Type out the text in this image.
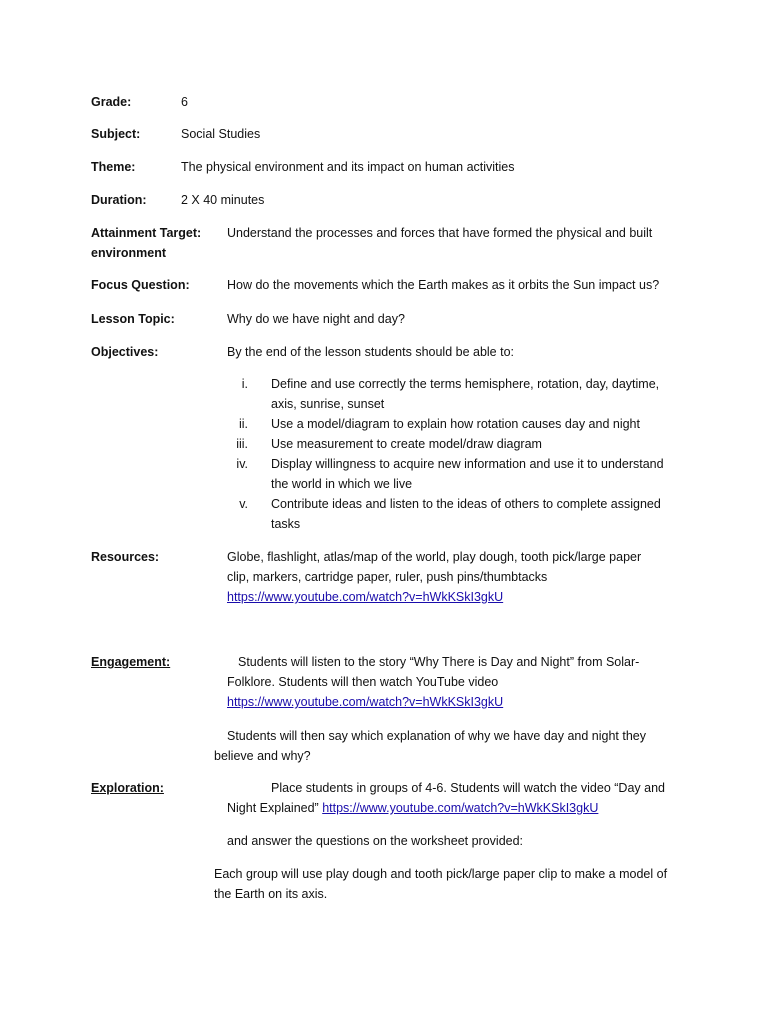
Grade:	6
Subject:	Social Studies
Theme:	The physical environment and its impact on human activities
Duration:	2 X 40 minutes
Attainment Target: Understand the processes and forces that have formed the physical and built
environment
Focus Question:	How do the movements which the Earth makes as it orbits the Sun impact us?
Lesson Topic:	Why do we have night and day?
Objectives:	By the end of the lesson students should be able to:
i. Define and use correctly the terms hemisphere, rotation, day, daytime,
axis, sunrise, sunset
ii. Use a model/diagram to explain how rotation causes day and night
iii. Use measurement to create model/draw diagram
iv. Display willingness to acquire new information and use it to understand
the world in which we live
v. Contribute ideas and listen to the ideas of others to complete assigned
tasks
Resources:	Globe, flashlight, atlas/map of the world, play dough, tooth pick/large paper
clip, markers, cartridge paper, ruler, push pins/thumbtacks
https://www.youtube.com/watch?v=hWkKSkI3gkU
Engagement:	Students will listen to the story “Why There is Day and Night” from Solar-
Folklore. Students will then watch YouTube video
https://www.youtube.com/watch?v=hWkKSkI3gkU
Students will then say which explanation of why we have day and night they
believe and why?
Exploration:	Place students in groups of 4-6. Students will watch the video “Day and
Night Explained” https://www.youtube.com/watch?v=hWkKSkI3gkU
and answer the questions on the worksheet provided:
Each group will use play dough and tooth pick/large paper clip to make a model of
the Earth on its axis.
